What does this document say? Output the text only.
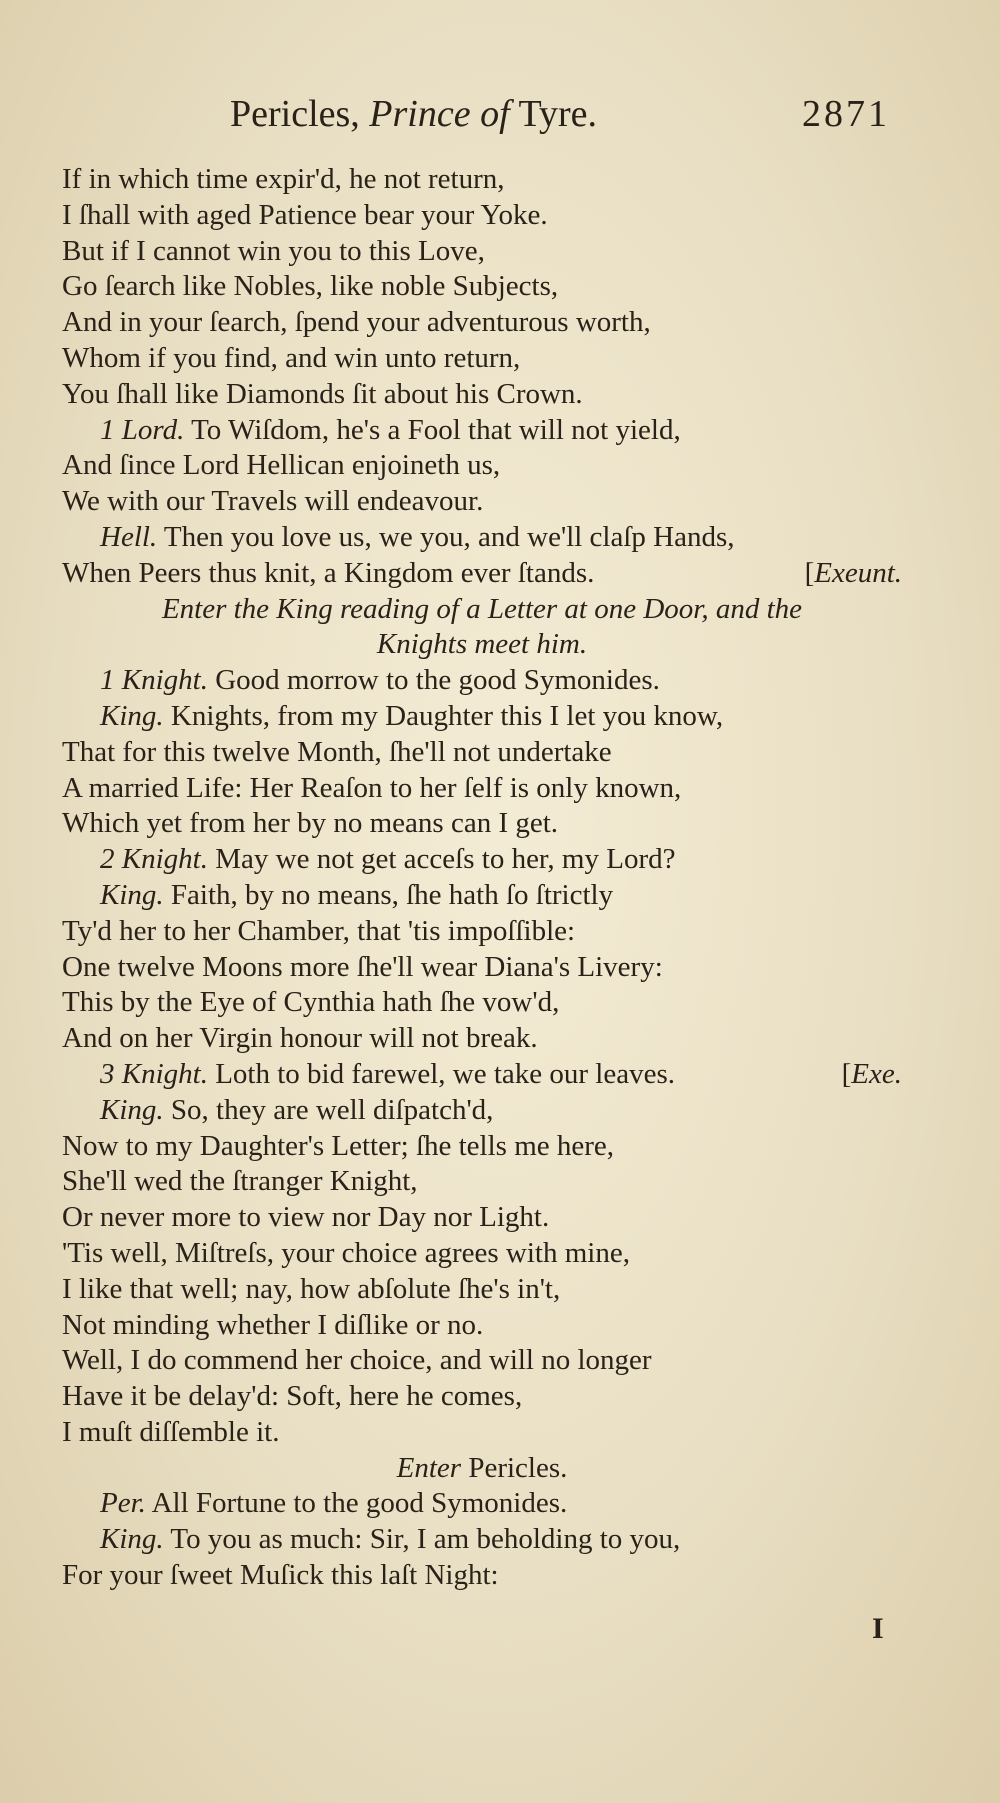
Pericles, Prince of Tyre.	2871
If in which time expir'd, he not return,
I ſhall with aged Patience bear your Yoke.
But if I cannot win you to this Love,
Go ſearch like Nobles, like noble Subjects,
And in your ſearch, ſpend your adventurous worth,
Whom if you find, and win unto return,
You ſhall like Diamonds ſit about his Crown.
1 Lord. To Wiſdom, he's a Fool that will not yield,
And ſince Lord Hellican enjoineth us,
We with our Travels will endeavour.
Hell. Then you love us, we you, and we'll claſp Hands,
When Peers thus knit, a Kingdom ever ſtands.	[Exeunt.
Enter the King reading of a Letter at one Door, and the
Knights meet him.
1 Knight. Good morrow to the good Symonides.
King. Knights, from my Daughter this I let you know,
That for this twelve Month, ſhe'll not undertake
A married Life: Her Reaſon to her ſelf is only known,
Which yet from her by no means can I get.
2 Knight. May we not get acceſs to her, my Lord?
King. Faith, by no means, ſhe hath ſo ſtrictly
Ty'd her to her Chamber, that 'tis impoſſible:
One twelve Moons more ſhe'll wear Diana's Livery:
This by the Eye of Cynthia hath ſhe vow'd,
And on her Virgin honour will not break.
3 Knight. Loth to bid farewel, we take our leaves.	[Exe.
King. So, they are well diſpatch'd,
Now to my Daughter's Letter; ſhe tells me here,
She'll wed the ſtranger Knight,
Or never more to view nor Day nor Light.
'Tis well, Miſtreſs, your choice agrees with mine,
I like that well; nay, how abſolute ſhe's in't,
Not minding whether I diſlike or no.
Well, I do commend her choice, and will no longer
Have it be delay'd: Soft, here he comes,
I muſt diſſemble it.
Enter Pericles.
Per. All Fortune to the good Symonides.
King. To you as much: Sir, I am beholding to you,
For your ſweet Muſick this laſt Night:
I
